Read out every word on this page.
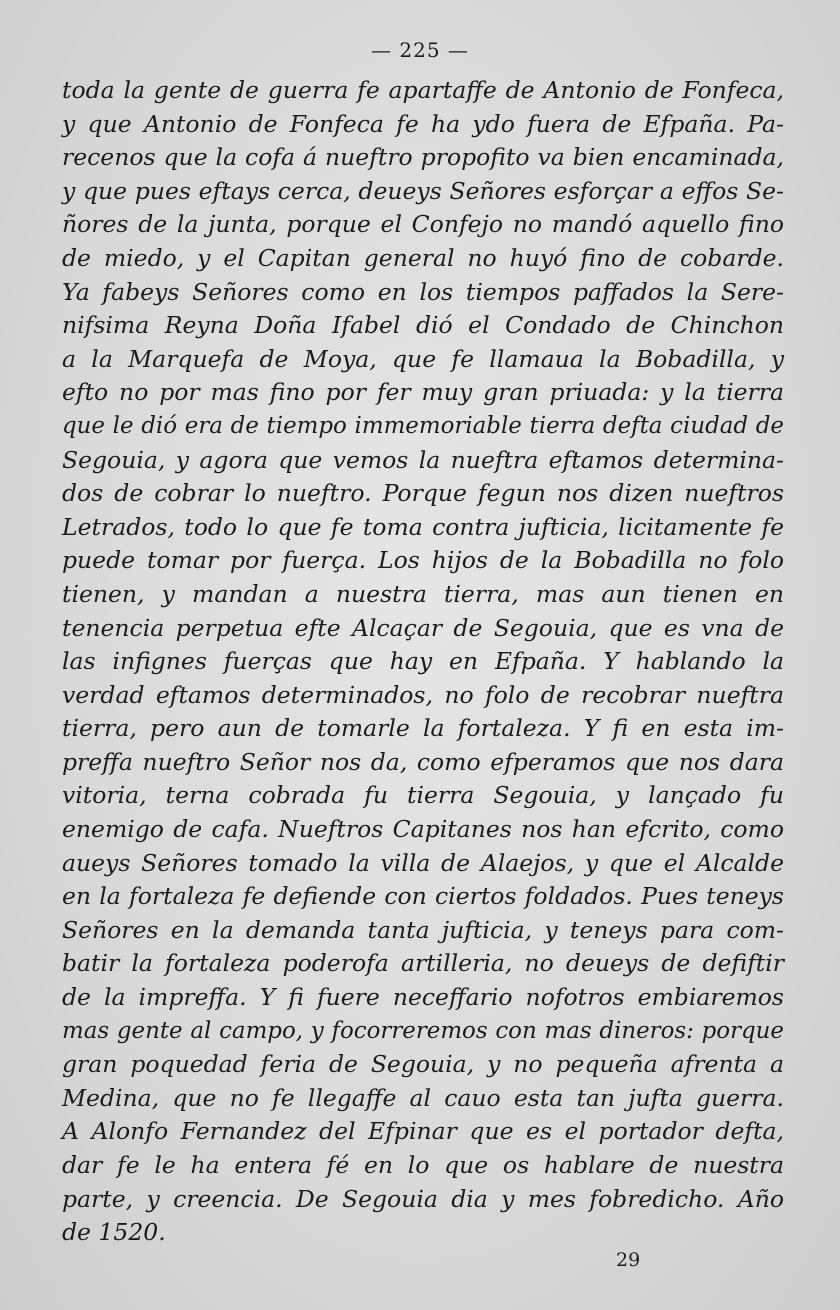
— 225 —
toda la gente de guerra fe apartaffe de Antonio de Fonfeca,
y que Antonio de Fonfeca fe ha ydo fuera de Efpaña. Pa-
recenos que la cofa á nueftro propofito va bien encaminada,
y que pues eftays cerca, deueys Señores esforçar a effos Se-
ñores de la junta, porque el Confejo no mandó aquello fino
de miedo, y el Capitan general no huyó fino de cobarde.
Ya fabeys Señores como en los tiempos paffados la Sere-
nifsima Reyna Doña Ifabel dió el Condado de Chinchon
a la Marquefa de Moya, que fe llamaua la Bobadilla, y
efto no por mas fino por fer muy gran priuada: y la tierra
que le dió era de tiempo immemoriable tierra defta ciudad de
Segouia, y agora que vemos la nueftra eftamos determina-
dos de cobrar lo nueftro. Porque fegun nos dizen nueftros
Letrados, todo lo que fe toma contra jufticia, licitamente fe
puede tomar por fuerça. Los hijos de la Bobadilla no folo
tienen, y mandan a nuestra tierra, mas aun tienen en
tenencia perpetua efte Alcaçar de Segouia, que es vna de
las infignes fuerças que hay en Efpaña. Y hablando la
verdad eftamos determinados, no folo de recobrar nueftra
tierra, pero aun de tomarle la fortaleza. Y fi en esta im-
preffa nueftro Señor nos da, como efperamos que nos dara
vitoria, terna cobrada fu tierra Segouia, y lançado fu
enemigo de cafa. Nueftros Capitanes nos han efcrito, como
aueys Señores tomado la villa de Alaejos, y que el Alcalde
en la fortaleza fe defiende con ciertos foldados. Pues teneys
Señores en la demanda tanta jufticia, y teneys para com-
batir la fortaleza poderofa artilleria, no deueys de defiftir
de la impreffa. Y fi fuere neceffario nofotros embiaremos
mas gente al campo, y focorreremos con mas dineros: porque
gran poquedad feria de Segouia, y no pequeña afrenta a
Medina, que no fe llegaffe al cauo esta tan jufta guerra.
A Alonfo Fernandez del Efpinar que es el portador defta,
dar fe le ha entera fé en lo que os hablare de nuestra
parte, y creencia. De Segouia dia y mes fobredicho. Año
de 1520.
29
